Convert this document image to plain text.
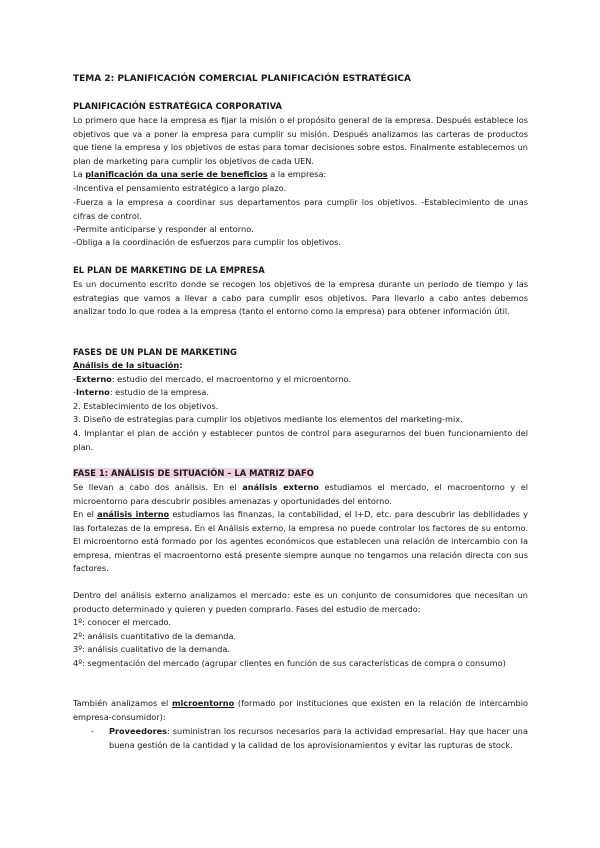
TEMA 2: PLANIFICACIÓN COMERCIAL PLANIFICACIÓN ESTRATÉGICA
PLANIFICACIÓN ESTRATÉGICA CORPORATIVA
Lo primero que hace la empresa es fijar la misión o el propósito general de la empresa. Después establece los objetivos que va a poner la empresa para cumplir su misión. Después analizamos las carteras de productos que tiene la empresa y los objetivos de estas para tomar decisiones sobre estos. Finalmente establecemos un plan de marketing para cumplir los objetivos de cada UEN.
La planificación da una serie de beneficios a la empresa:
-Incentiva el pensamiento estratégico a largo plazo.
-Fuerza a la empresa a coordinar sus departamentos para cumplir los objetivos. -Establecimiento de unas cifras de control.
-Permite anticiparse y responder al entorno.
-Obliga a la coordinación de esfuerzos para cumplir los objetivos.
EL PLAN DE MARKETING DE LA EMPRESA
Es un documento escrito donde se recogen los objetivos de la empresa durante un periodo de tiempo y las estrategias que vamos a llevar a cabo para cumplir esos objetivos. Para llevarlo a cabo antes debemos analizar todo lo que rodea a la empresa (tanto el entorno como la empresa) para obtener información útil.
FASES DE UN PLAN DE MARKETING
Análisis de la situación:
-Externo: estudio del mercado, el macroentorno y el microentorno.
-Interno: estudio de la empresa.
2. Establecimiento de los objetivos.
3. Diseño de estrategias para cumplir los objetivos mediante los elementos del marketing-mix.
4. Implantar el plan de acción y establecer puntos de control para asegurarnos del buen funcionamiento del plan.
FASE 1: ANÁLISIS DE SITUACIÓN – LA MATRIZ DAFO
Se llevan a cabo dos análisis. En el análisis externo estudiamos el mercado, el macroentorno y el microentorno para descubrir posibles amenazas y oportunidades del entorno.
En el análisis interno estudiamos las finanzas, la contabilidad, el I+D, etc. para descubrir las debilidades y las fortalezas de la empresa. En el Análisis externo, la empresa no puede controlar los factores de su entorno. El microentorno está formado por los agentes económicos que establecen una relación de intercambio con la empresa, mientras el macroentorno está presente siempre aunque no tengamos una relación directa con sus factores.
Dentro del análisis externo analizamos el mercado: este es un conjunto de consumidores que necesitan un producto determinado y quieren y pueden comprarlo. Fases del estudio de mercado:
1º: conocer el mercado.
2º: análisis cuantitativo de la demanda.
3º: análisis cualitativo de la demanda.
4º: segmentación del mercado (agrupar clientes en función de sus características de compra o consumo)
También analizamos el microentorno (formado por instituciones que existen en la relación de intercambio empresa-consumidor):
- Proveedores: suministran los recursos necesarios para la actividad empresarial. Hay que hacer una buena gestión de la cantidad y la calidad de los aprovisionamientos y evitar las rupturas de stock.
